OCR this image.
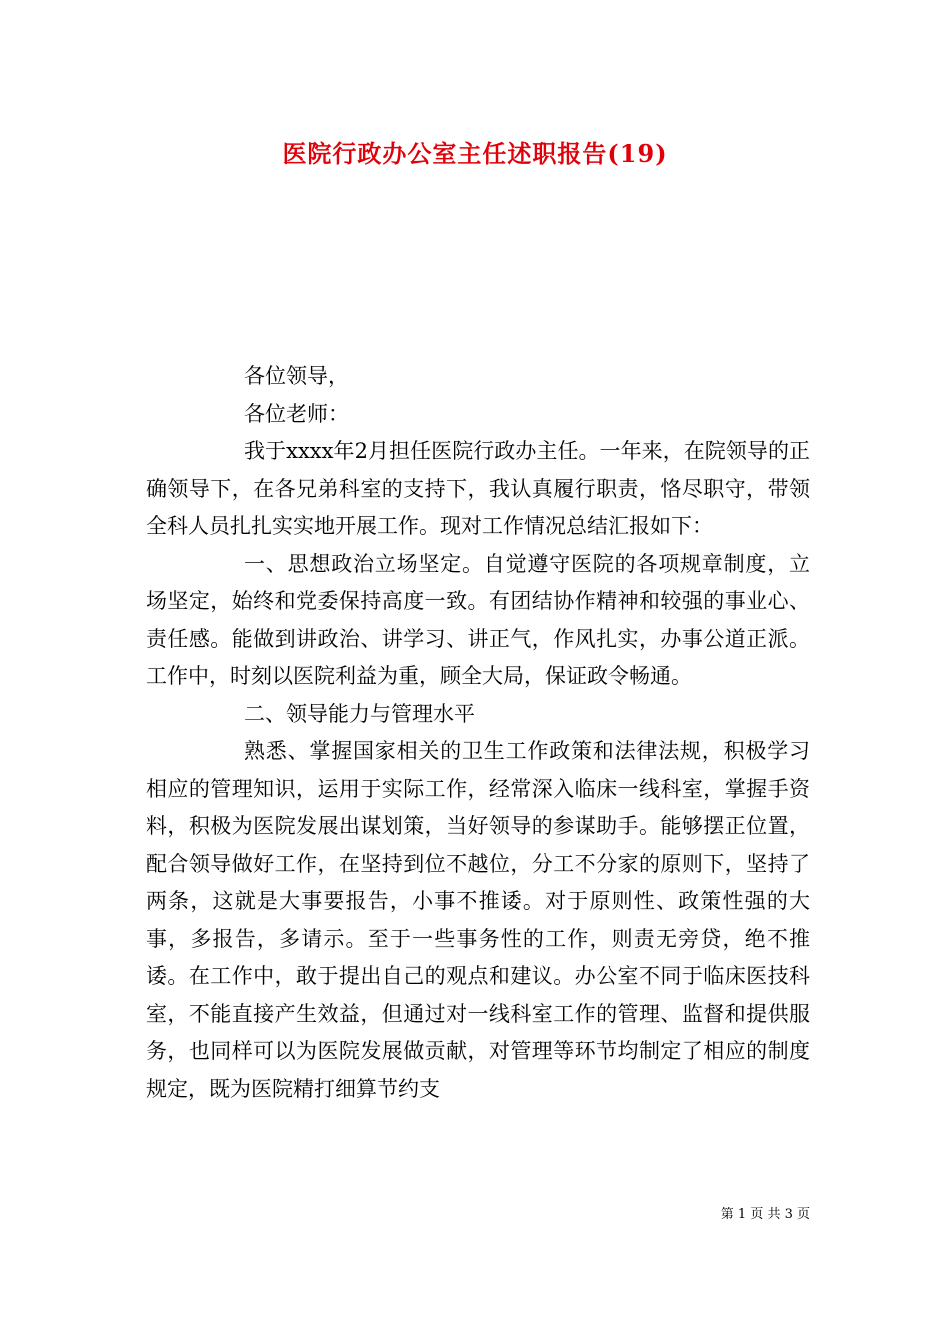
医院行政办公室主任述职报告(19)

各位领导，

各位老师：

我于xxxx年2月担任医院行政办主任。一年来，在院领导的正确领导下，在各兄弟科室的支持下，我认真履行职责，恪尽职守，带领全科人员扎扎实实地开展工作。现对工作情况总结汇报如下：

一、思想政治立场坚定。自觉遵守医院的各项规章制度，立场坚定，始终和党委保持高度一致。有团结协作精神和较强的事业心、责任感。能做到讲政治、讲学习、讲正气，作风扎实，办事公道正派。工作中，时刻以医院利益为重，顾全大局，保证政令畅通。

二、领导能力与管理水平

熟悉、掌握国家相关的卫生工作政策和法律法规，积极学习相应的管理知识，运用于实际工作，经常深入临床一线科室，掌握手资料，积极为医院发展出谋划策，当好领导的参谋助手。能够摆正位置，配合领导做好工作，在坚持到位不越位，分工不分家的原则下，坚持了两条，这就是大事要报告，小事不推诿。对于原则性、政策性强的大事，多报告，多请示。至于一些事务性的工作，则责无旁贷，绝不推诿。在工作中，敢于提出自己的观点和建议。办公室不同于临床医技科室，不能直接产生效益，但通过对一线科室工作的管理、监督和提供服务，也同样可以为医院发展做贡献，对管理等环节均制定了相应的制度规定，既为医院精打细算节约支

第 1 页 共 3 页
